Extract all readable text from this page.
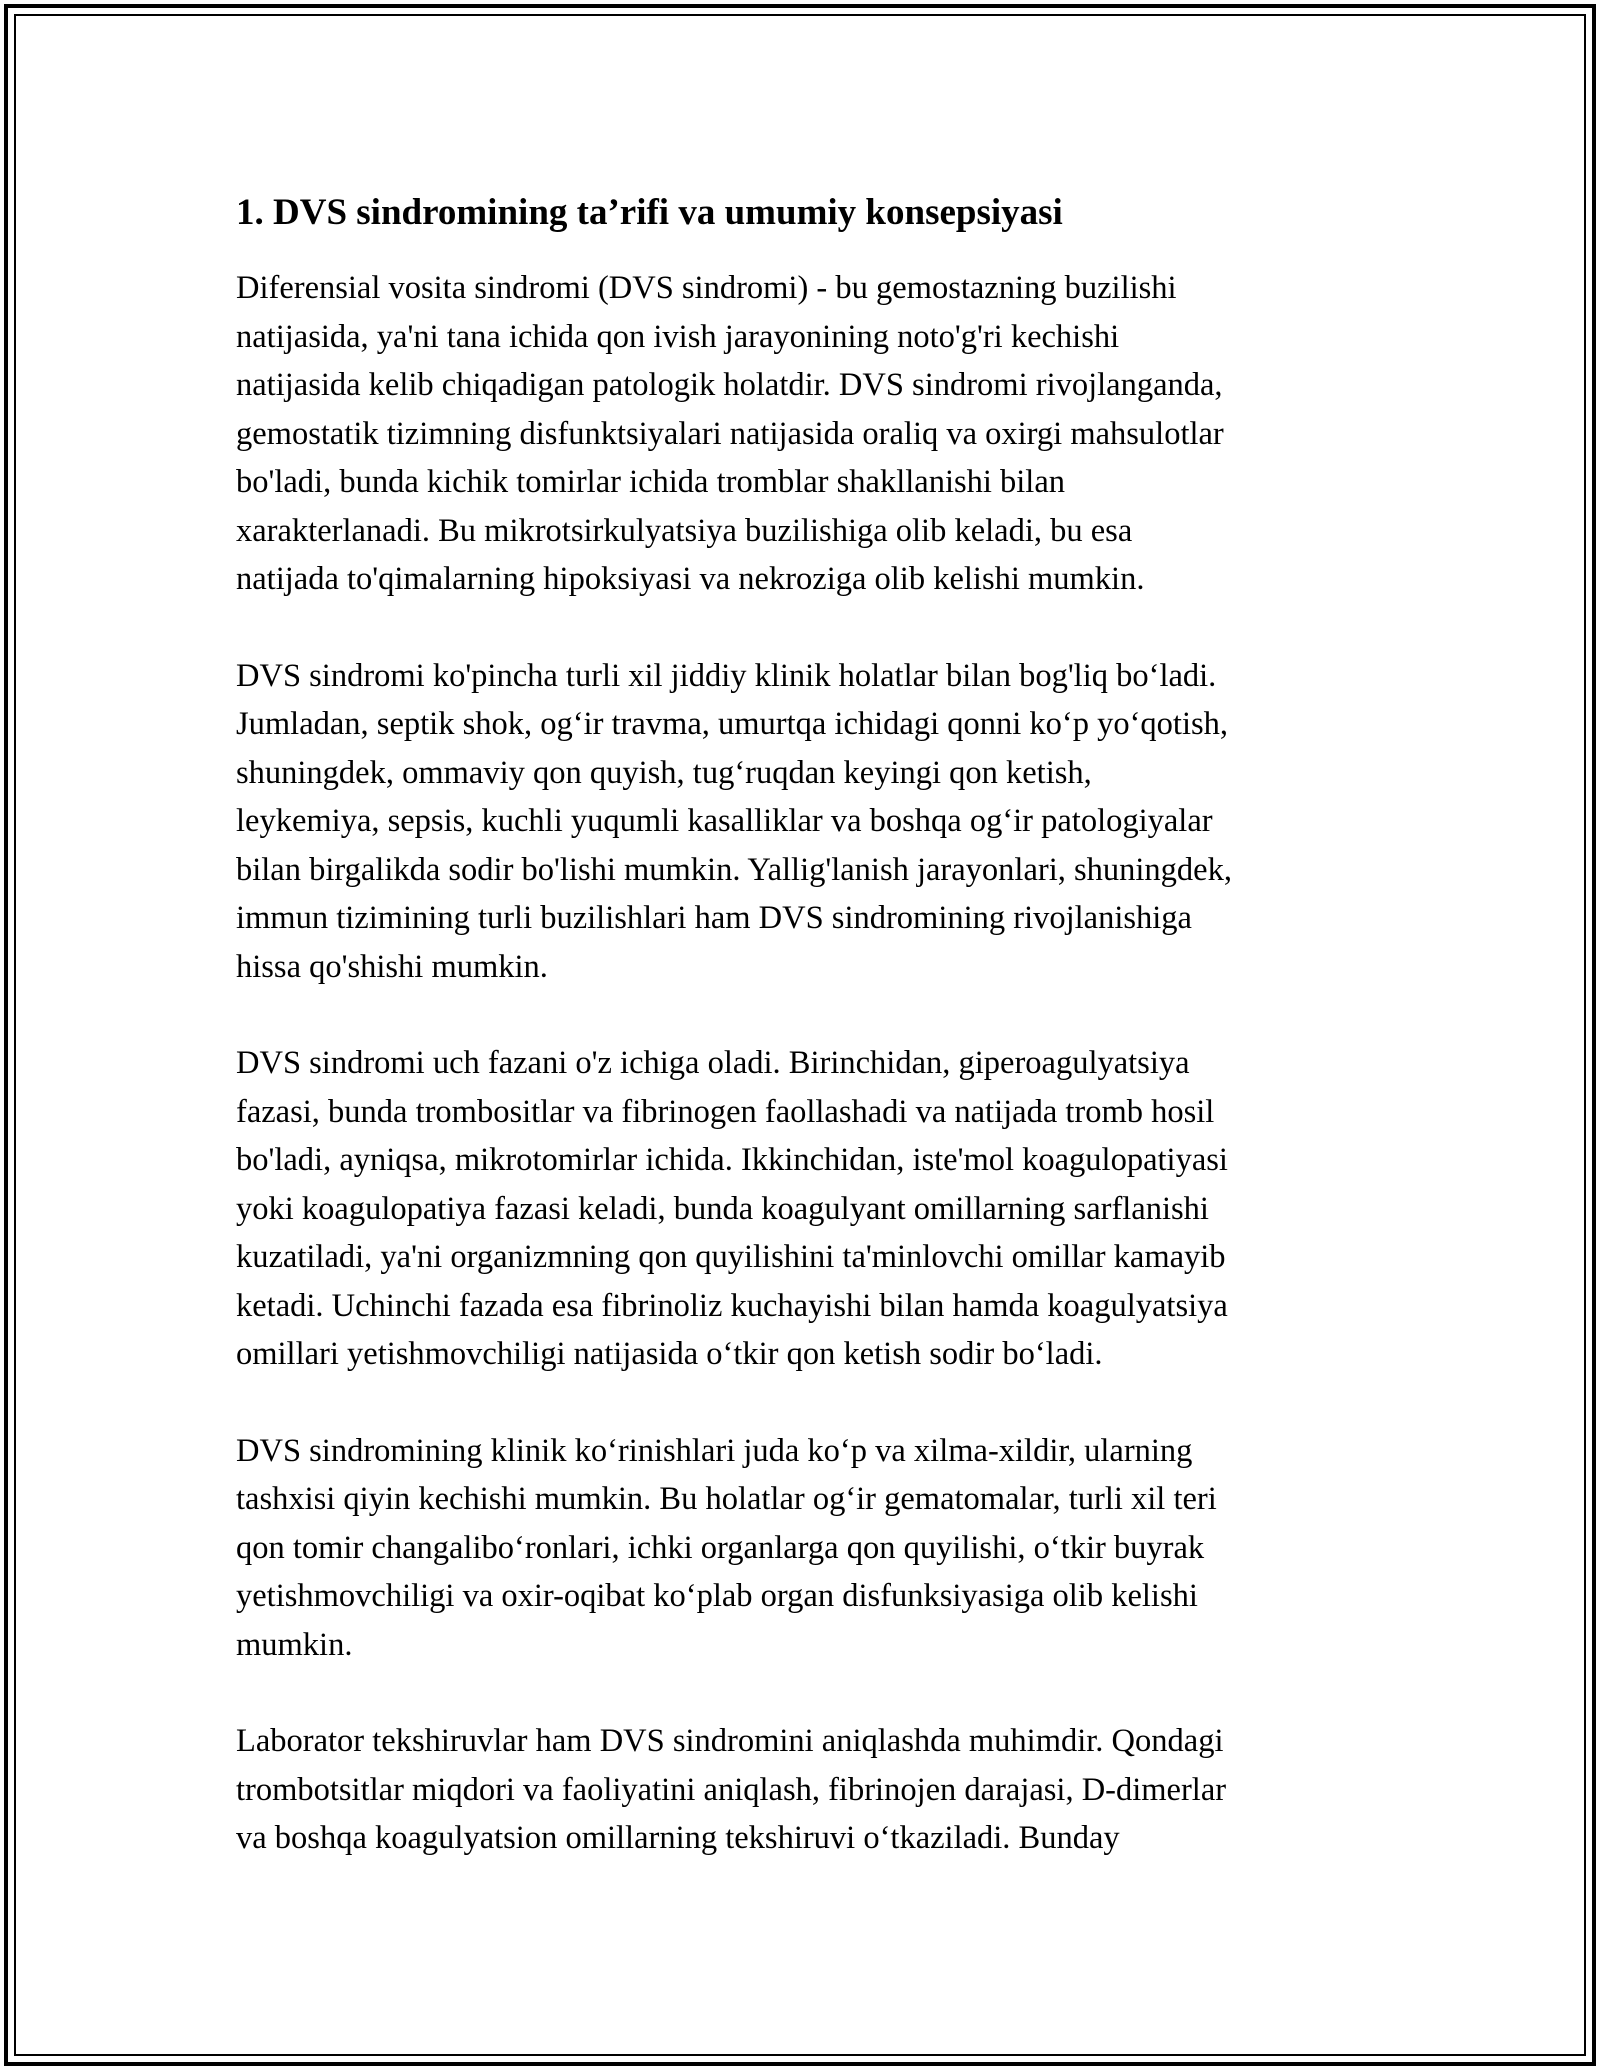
1. DVS sindromining ta’rifi va umumiy konsepsiyasi

Diferensial vosita sindromi (DVS sindromi) - bu gemostazning buzilishi
natijasida, ya'ni tana ichida qon ivish jarayonining noto'g'ri kechishi
natijasida kelib chiqadigan patologik holatdir. DVS sindromi rivojlanganda,
gemostatik tizimning disfunktsiyalari natijasida oraliq va oxirgi mahsulotlar
bo'ladi, bunda kichik tomirlar ichida tromblar shakllanishi bilan
xarakterlanadi. Bu mikrotsirkulyatsiya buzilishiga olib keladi, bu esa
natijada to'qimalarning hipoksiyasi va nekroziga olib kelishi mumkin.

DVS sindromi ko'pincha turli xil jiddiy klinik holatlar bilan bog'liq bo‘ladi.
Jumladan, septik shok, og‘ir travma, umurtqa ichidagi qonni ko‘p yo‘qotish,
shuningdek, ommaviy qon quyish, tug‘ruqdan keyingi qon ketish,
leykemiya, sepsis, kuchli yuqumli kasalliklar va boshqa og‘ir patologiyalar
bilan birgalikda sodir bo'lishi mumkin. Yallig'lanish jarayonlari, shuningdek,
immun tizimining turli buzilishlari ham DVS sindromining rivojlanishiga
hissa qo'shishi mumkin.

DVS sindromi uch fazani o'z ichiga oladi. Birinchidan, giperoagulyatsiya
fazasi, bunda trombositlar va fibrinogen faollashadi va natijada tromb hosil
bo'ladi, ayniqsa, mikrotomirlar ichida. Ikkinchidan, iste'mol koagulopatiyasi
yoki koagulopatiya fazasi keladi, bunda koagulyant omillarning sarflanishi
kuzatiladi, ya'ni organizmning qon quyilishini ta'minlovchi omillar kamayib
ketadi. Uchinchi fazada esa fibrinoliz kuchayishi bilan hamda koagulyatsiya
omillari yetishmovchiligi natijasida o‘tkir qon ketish sodir bo‘ladi.

DVS sindromining klinik ko‘rinishlari juda ko‘p va xilma-xildir, ularning
tashxisi qiyin kechishi mumkin. Bu holatlar og‘ir gematomalar, turli xil teri
qon tomir changalibo‘ronlari, ichki organlarga qon quyilishi, o‘tkir buyrak
yetishmovchiligi va oxir-oqibat ko‘plab organ disfunksiyasiga olib kelishi
mumkin.

Laborator tekshiruvlar ham DVS sindromini aniqlashda muhimdir. Qondagi
trombotsitlar miqdori va faoliyatini aniqlash, fibrinojen darajasi, D-dimerlar
va boshqa koagulyatsion omillarning tekshiruvi o‘tkaziladi. Bunday
